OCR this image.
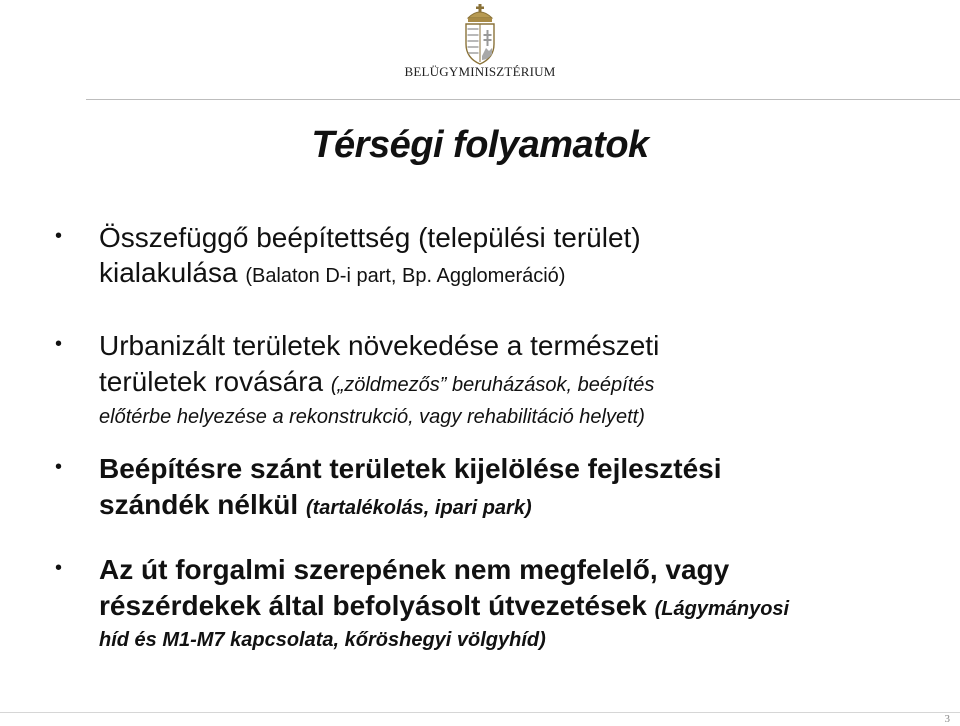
BELÜGYMINISZTÉRIUM
Térségi folyamatok
• Összefüggő beépítettség (települési terület)
kialakulása (Balaton D-i part, Bp. Agglomeráció)
• Urbanizált területek növekedése a természeti
területek rovására („zöldmezős” beruházások, beépítés
előtérbe helyezése a rekonstrukció, vagy rehabilitáció helyett)
• Beépítésre szánt területek kijelölése fejlesztési
szándék nélkül (tartalékolás, ipari park)
• Az út forgalmi szerepének nem megfelelő, vagy
részérdekek által befolyásolt útvezetések (Lágymányosi
híd és M1-M7 kapcsolata, kőröshegyi völgyhíd)
3
